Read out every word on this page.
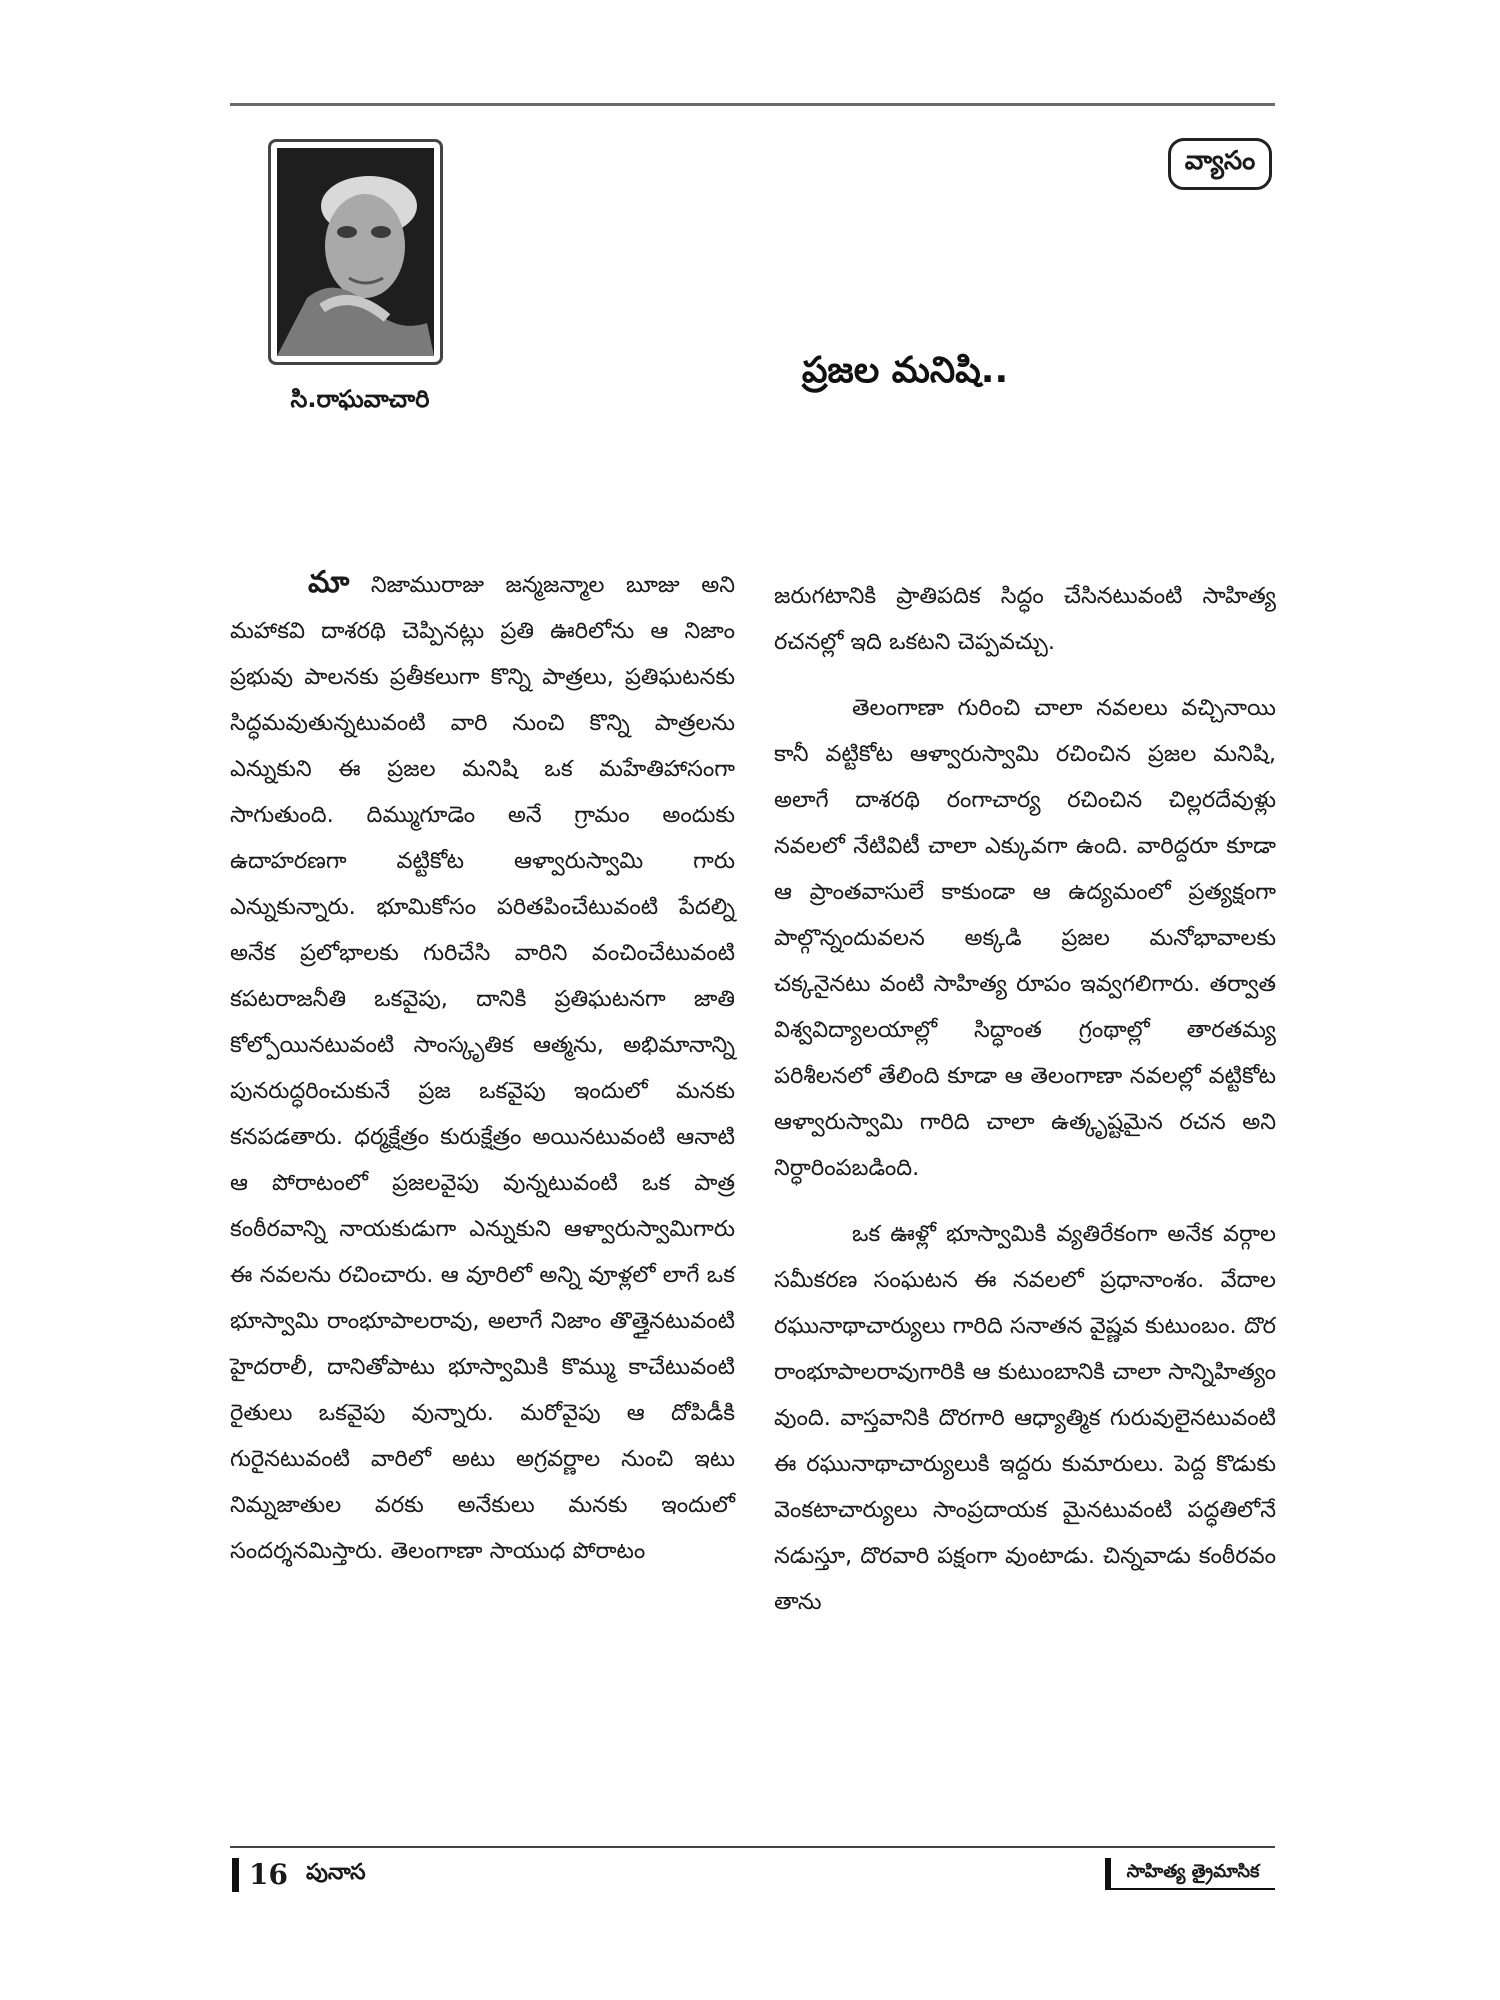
సి.రాఘవాచారి
వ్యాసం
ప్రజల మనిషి..

మా నిజామురాజు జన్మజన్మాల బూజు అని మహాకవి దాశరథి చెప్పినట్లు ప్రతి ఊరిలోను ఆ నిజాం ప్రభువు పాలనకు ప్రతీకలుగా కొన్ని పాత్రలు, ప్రతిఘటనకు సిద్ధమవుతున్నటువంటి వారి నుంచి కొన్ని పాత్రలను ఎన్నుకుని ఈ ప్రజల మనిషి ఒక మహేతిహాసంగా సాగుతుంది. దిమ్ముగూడెం అనే గ్రామం అందుకు ఉదాహరణగా వట్టికోట ఆళ్వారుస్వామి గారు ఎన్నుకున్నారు. భూమికోసం పరితపించేటువంటి పేదల్ని అనేక ప్రలోభాలకు గురిచేసి వారిని వంచించేటువంటి కపటరాజనీతి ఒకవైపు, దానికి ప్రతిఘటనగా జాతి కోల్పోయినటువంటి సాంస్కృతిక ఆత్మను, అభిమానాన్ని పునరుద్ధరించుకునే ప్రజ ఒకవైపు ఇందులో మనకు కనపడతారు. ధర్మక్షేత్రం కురుక్షేత్రం అయినటువంటి ఆనాటి ఆ పోరాటంలో ప్రజలవైపు వున్నటువంటి ఒక పాత్ర కంఠీరవాన్ని నాయకుడుగా ఎన్నుకుని ఆళ్వారుస్వామిగారు ఈ నవలను రచించారు. ఆ వూరిలో అన్ని వూళ్లలో లాగే ఒక భూస్వామి రాంభూపాలరావు, అలాగే నిజాం తొత్తైనటువంటి హైదరాలీ, దానితోపాటు భూస్వామికి కొమ్ము కాచేటువంటి రైతులు ఒకవైపు వున్నారు. మరోవైపు ఆ దోపిడీకి గురైనటువంటి వారిలో అటు అగ్రవర్ణాల నుంచి ఇటు నిమ్నజాతుల వరకు అనేకులు మనకు ఇందులో సందర్శనమిస్తారు. తెలంగాణా సాయుధ పోరాటం

జరుగటానికి ప్రాతిపదిక సిద్ధం చేసినటువంటి సాహిత్య రచనల్లో ఇది ఒకటని చెప్పవచ్చు.

తెలంగాణా గురించి చాలా నవలలు వచ్చినాయి కానీ వట్టికోట ఆళ్వారుస్వామి రచించిన ప్రజల మనిషి, అలాగే దాశరథి రంగాచార్య రచించిన చిల్లరదేవుళ్లు నవలలో నేటివిటీ చాలా ఎక్కువగా ఉంది. వారిద్దరూ కూడా ఆ ప్రాంతవాసులే కాకుండా ఆ ఉద్యమంలో ప్రత్యక్షంగా పాల్గొన్నందువలన అక్కడి ప్రజల మనోభావాలకు చక్కనైనటు వంటి సాహిత్య రూపం ఇవ్వగలిగారు. తర్వాత విశ్వవిద్యాలయాల్లో సిద్ధాంత గ్రంథాల్లో తారతమ్య పరిశీలనలో తేలింది కూడా ఆ తెలంగాణా నవలల్లో వట్టికోట ఆళ్వారుస్వామి గారిది చాలా ఉత్కృష్టమైన రచన అని నిర్ధారింపబడింది.

ఒక ఊళ్లో భూస్వామికి వ్యతిరేకంగా అనేక వర్గాల సమీకరణ సంఘటన ఈ నవలలో ప్రధానాంశం. వేదాల రఘునాథాచార్యులు గారిది సనాతన వైష్ణవ కుటుంబం. దొర రాంభూపాలరావుగారికి ఆ కుటుంబానికి చాలా సాన్నిహిత్యం వుంది. వాస్తవానికి దొరగారి ఆధ్యాత్మిక గురువులైనటువంటి ఈ రఘునాథాచార్యులుకి ఇద్దరు కుమారులు. పెద్ద కొడుకు వెంకటాచార్యులు సాంప్రదాయక మైనటువంటి పద్ధతిలోనే నడుస్తూ, దొరవారి పక్షంగా వుంటాడు. చిన్నవాడు కంఠీరవం తాను

16 పునాస	సాహిత్య త్రైమాసిక
